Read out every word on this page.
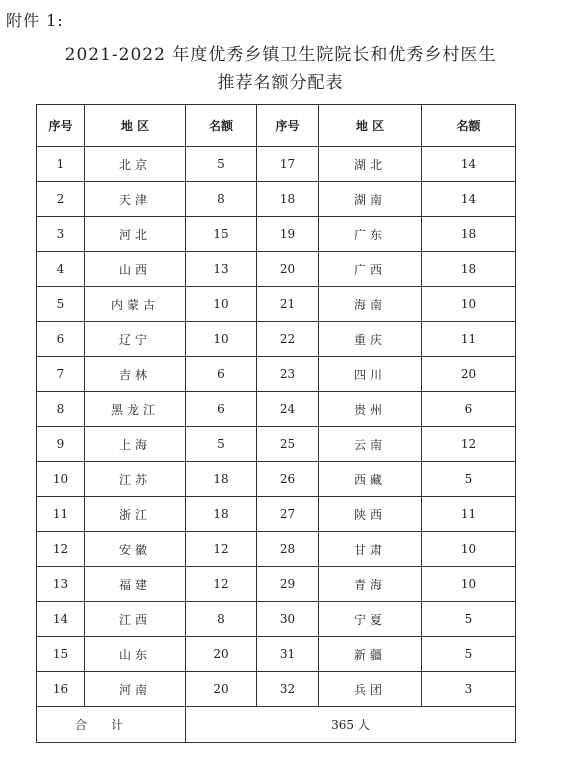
附件 1:
2021-2022 年度优秀乡镇卫生院院长和优秀乡村医生
推荐名额分配表
序号	地 区	名额	序号	地 区	名额
1	北京	5	17	湖北	14
2	天津	8	18	湖南	14
3	河北	15	19	广东	18
4	山西	13	20	广西	18
5	内蒙古	10	21	海南	10
6	辽宁	10	22	重庆	11
7	吉林	6	23	四川	20
8	黑龙江	6	24	贵州	6
9	上海	5	25	云南	12
10	江苏	18	26	西藏	5
11	浙江	18	27	陕西	11
12	安徽	12	28	甘肃	10
13	福建	12	29	青海	10
14	江西	8	30	宁夏	5
15	山东	20	31	新疆	5
16	河南	20	32	兵团	3
合计		365 人			
